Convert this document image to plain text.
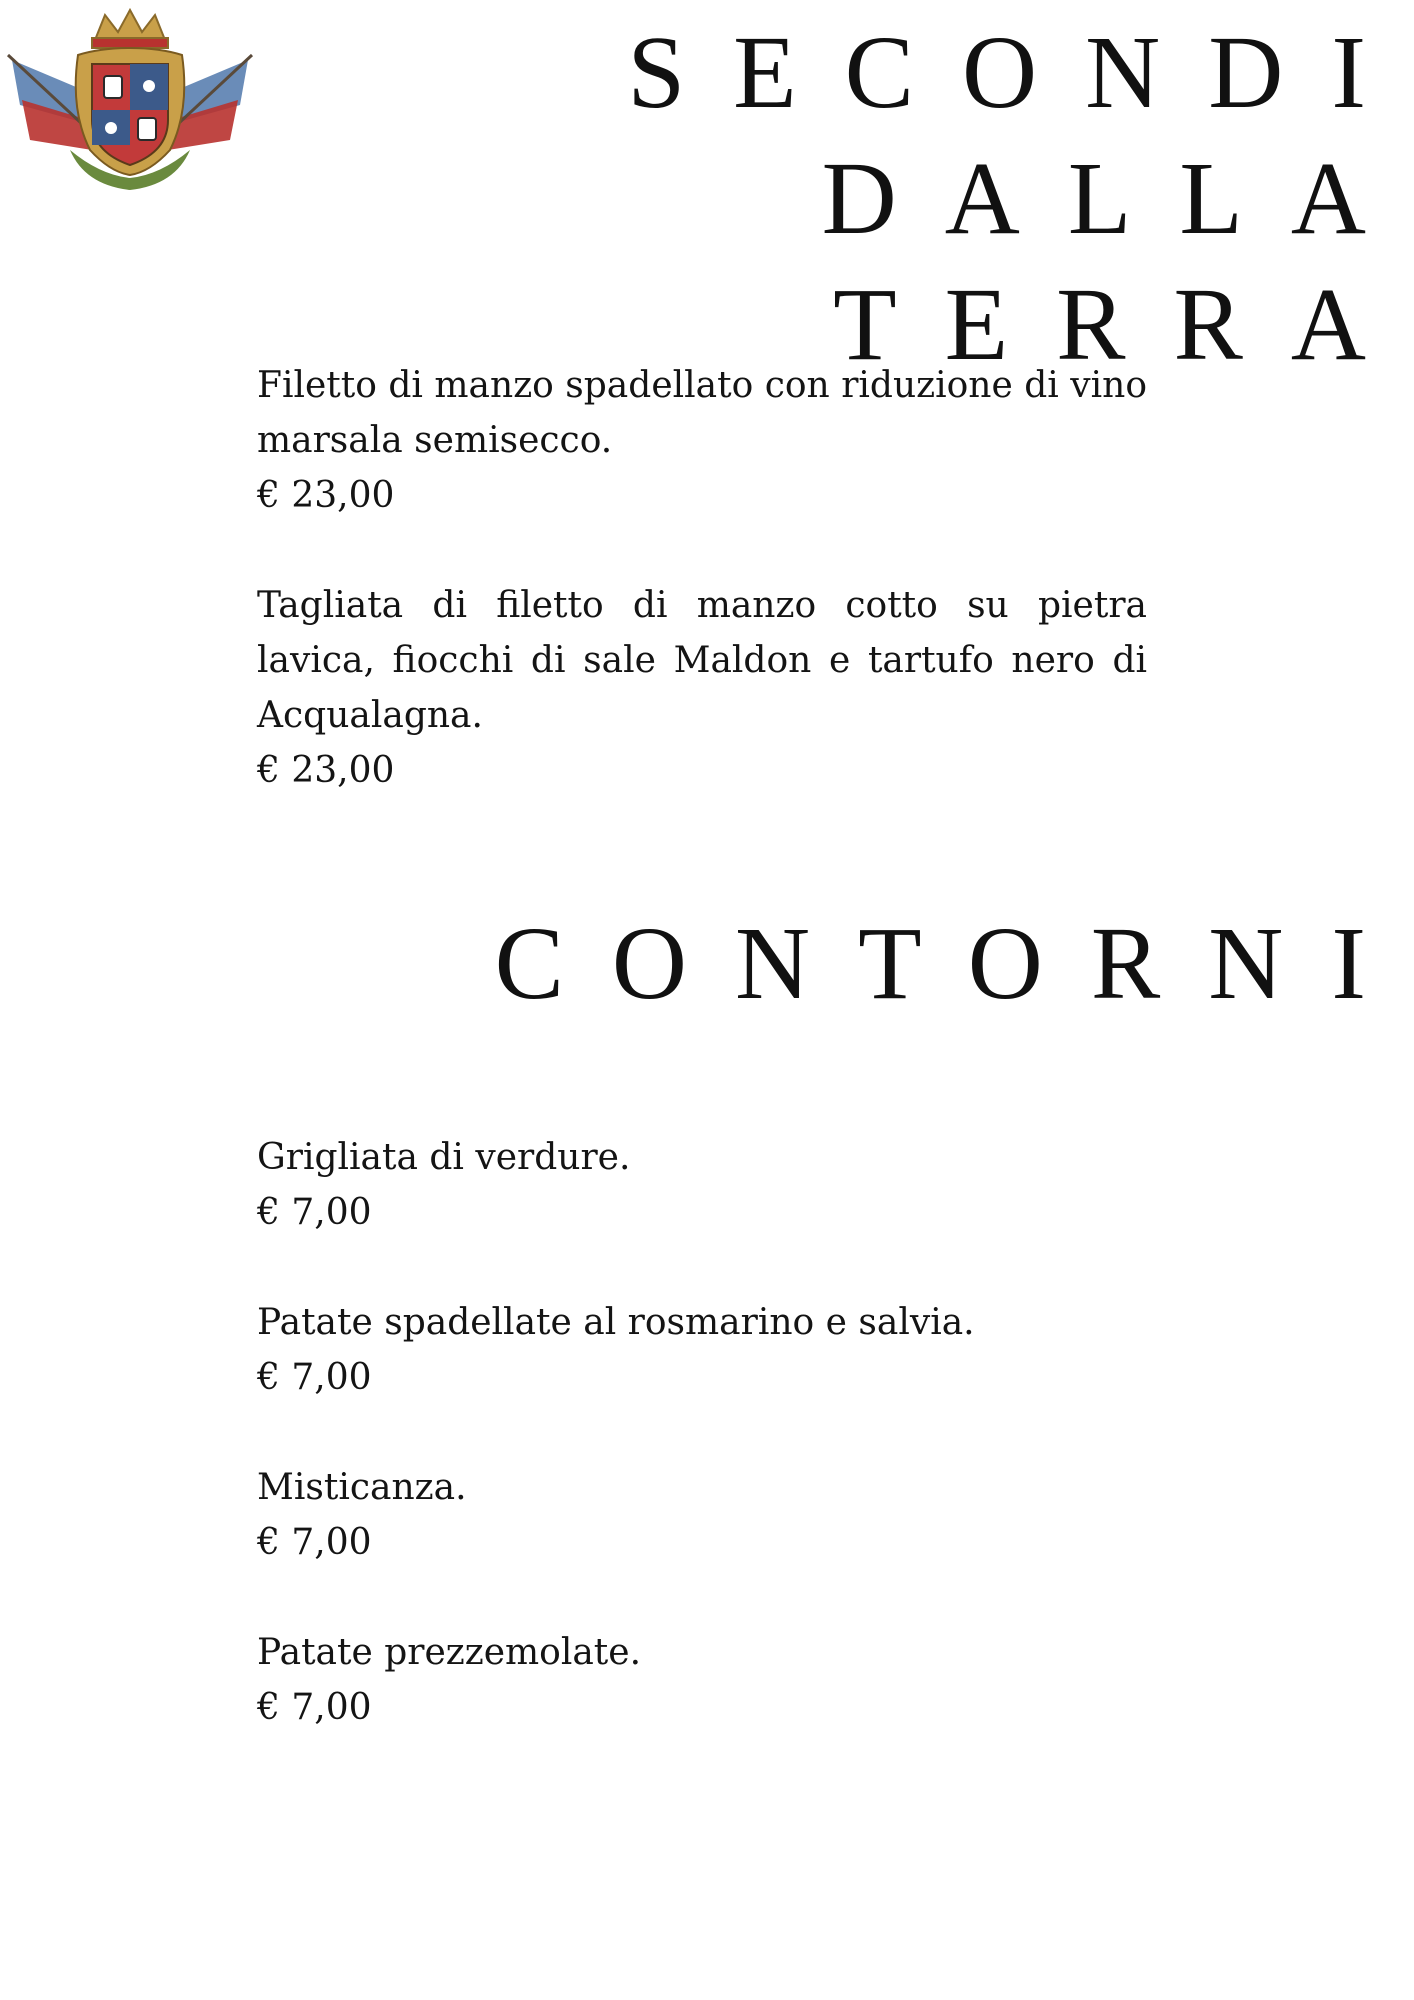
SECONDI DALLA TERRA

Filetto di manzo spadellato con riduzione di vino marsala semisecco.

€ 23,00

Tagliata di filetto di manzo cotto su pietra lavica, fiocchi di sale Maldon e tartufo nero di Acqualagna.

€ 23,00

CONTORNI

Grigliata di verdure.

€ 7,00

Patate spadellate al rosmarino e salvia.

€ 7,00

Misticanza.

€ 7,00

Patate prezzemolate.

€ 7,00
